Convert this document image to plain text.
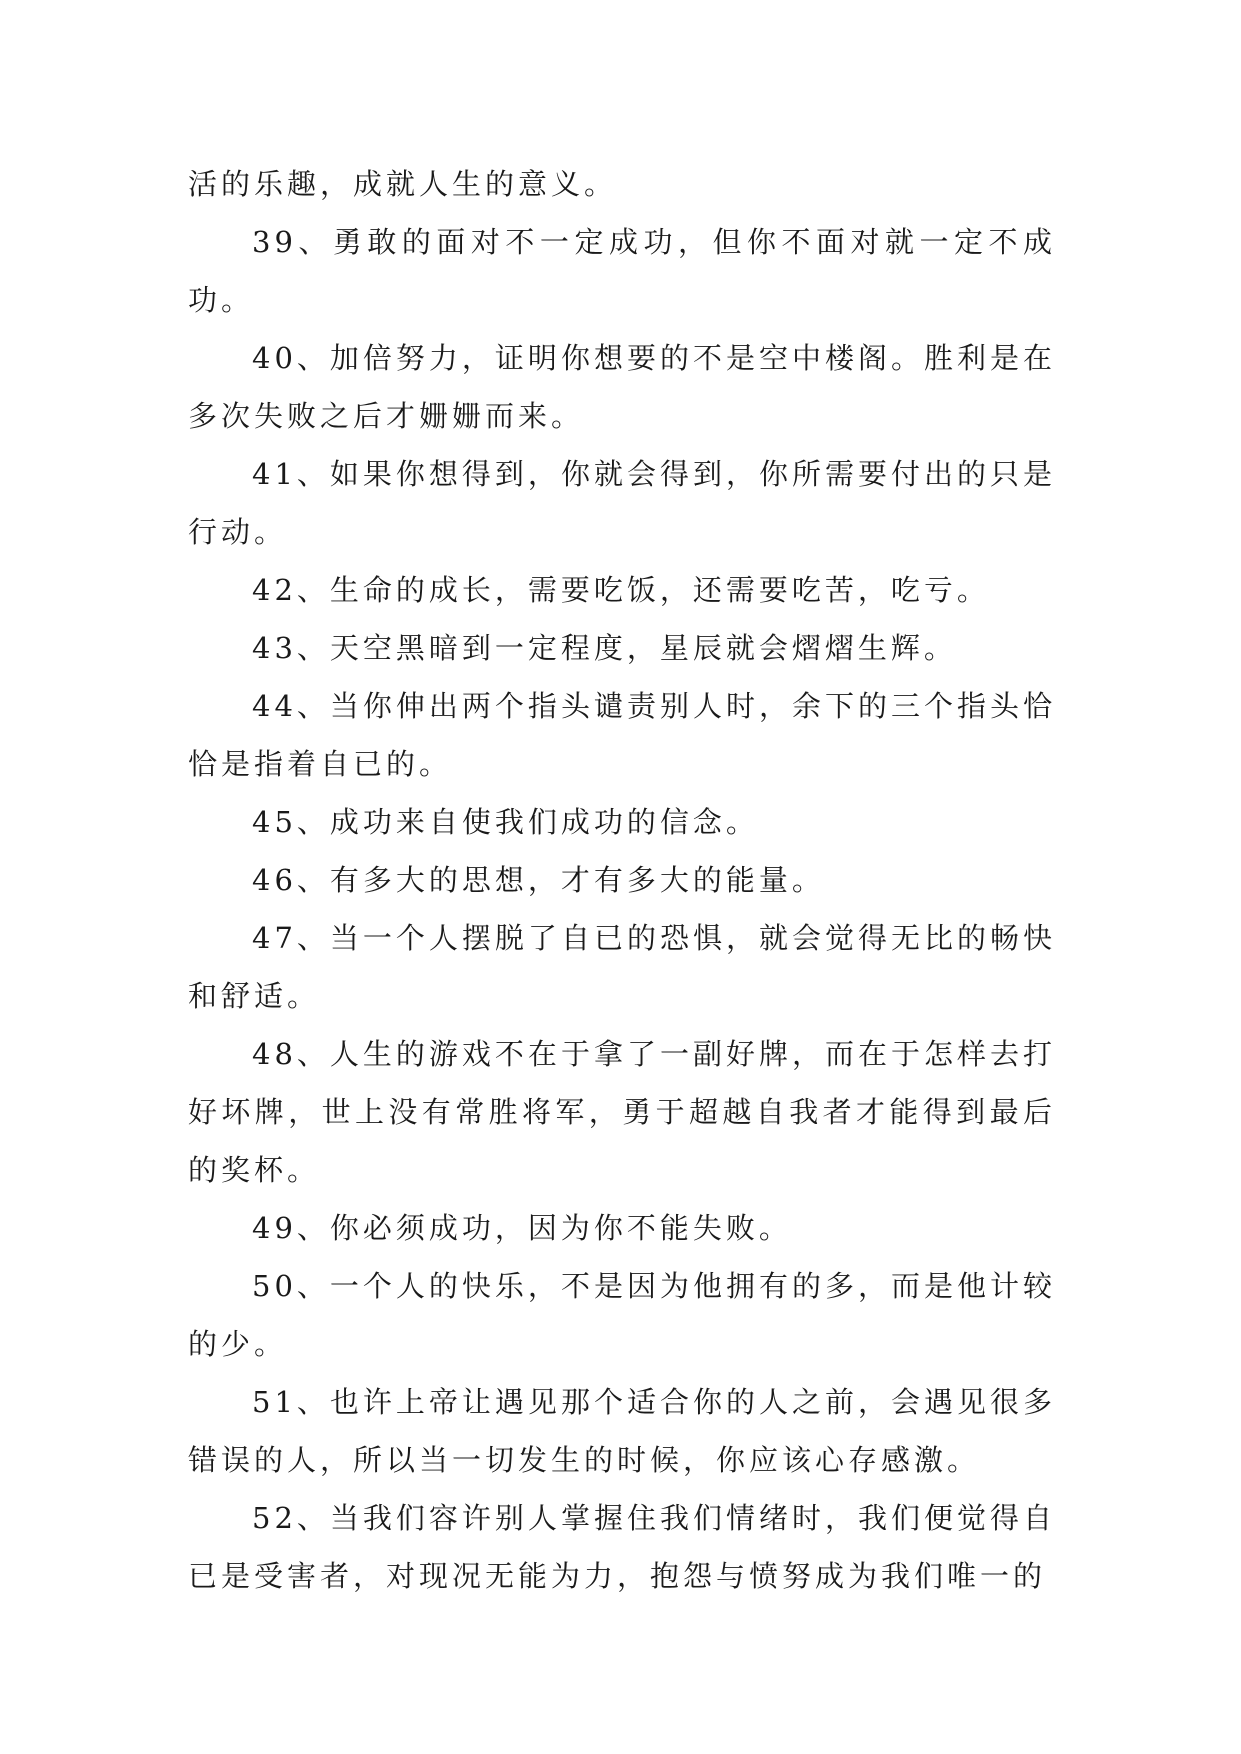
活的乐趣，成就人生的意义。

39、勇敢的面对不一定成功，但你不面对就一定不成功。

40、加倍努力，证明你想要的不是空中楼阁。胜利是在多次失败之后才姗姗而来。

41、如果你想得到，你就会得到，你所需要付出的只是行动。

42、生命的成长，需要吃饭，还需要吃苦，吃亏。

43、天空黑暗到一定程度，星辰就会熠熠生辉。

44、当你伸出两个指头谴责别人时，余下的三个指头恰恰是指着自已的。

45、成功来自使我们成功的信念。

46、有多大的思想，才有多大的能量。

47、当一个人摆脱了自已的恐惧，就会觉得无比的畅快和舒适。

48、人生的游戏不在于拿了一副好牌，而在于怎样去打好坏牌，世上没有常胜将军，勇于超越自我者才能得到最后的奖杯。

49、你必须成功，因为你不能失败。

50、一个人的快乐，不是因为他拥有的多，而是他计较的少。

51、也许上帝让遇见那个适合你的人之前，会遇见很多错误的人，所以当一切发生的时候，你应该心存感激。

52、当我们容许别人掌握住我们情绪时，我们便觉得自已是受害者，对现况无能为力，抱怨与愤努成为我们唯一的
